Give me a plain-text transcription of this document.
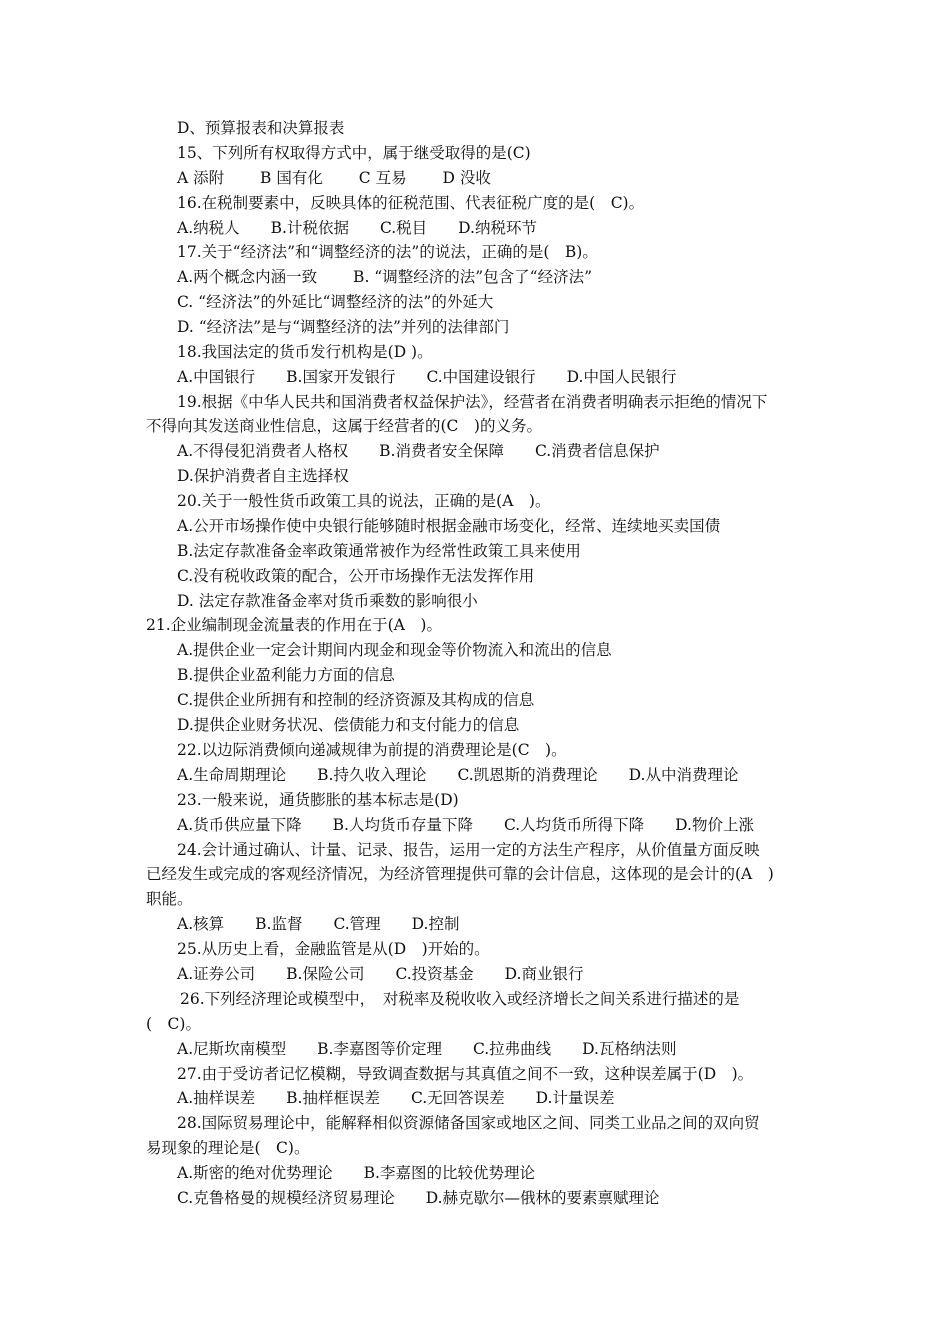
D、预算报表和决算报表
15、下列所有权取得方式中，属于继受取得的是(C)
A 添附　　 B 国有化　　 C 互易　　 D 没收
16.在税制要素中，反映具体的征税范围、代表征税广度的是(　C)。
A.纳税人　　B.计税依据　　C.税目　　D.纳税环节
17.关于“经济法”和“调整经济的法”的说法，正确的是(　B)。
A.两个概念内涵一致　　 B. “调整经济的法”包含了“经济法”
C. “经济法”的外延比“调整经济的法”的外延大
D. “经济法”是与“调整经济的法”并列的法律部门
18.我国法定的货币发行机构是(D )。
A.中国银行　　B.国家开发银行　　C.中国建设银行　　D.中国人民银行
19.根据《中华人民共和国消费者权益保护法》，经营者在消费者明确表示拒绝的情况下
不得向其发送商业性信息，这属于经营者的(C　)的义务。
A.不得侵犯消费者人格权　　B.消费者安全保障　　C.消费者信息保护
D.保护消费者自主选择权
20.关于一般性货币政策工具的说法，正确的是(A　)。
A.公开市场操作使中央银行能够随时根据金融市场变化，经常、连续地买卖国债
B.法定存款准备金率政策通常被作为经常性政策工具来使用
C.没有税收政策的配合，公开市场操作无法发挥作用
D. 法定存款准备金率对货币乘数的影响很小
21.企业编制现金流量表的作用在于(A　)。
A.提供企业一定会计期间内现金和现金等价物流入和流出的信息
B.提供企业盈利能力方面的信息
C.提供企业所拥有和控制的经济资源及其构成的信息
D.提供企业财务状况、偿债能力和支付能力的信息
22.以边际消费倾向递减规律为前提的消费理论是(C　)。
A.生命周期理论　　B.持久收入理论　　C.凯恩斯的消费理论　　D.从中消费理论
23.一般来说，通货膨胀的基本标志是(D)
A.货币供应量下降　　B.人均货币存量下降　　C.人均货币所得下降　　D.物价上涨
24.会计通过确认、计量、记录、报告，运用一定的方法生产程序，从价值量方面反映
已经发生或完成的客观经济情况，为经济管理提供可靠的会计信息，这体现的是会计的(A　)
职能。
A.核算　　B.监督　　C.管理　　D.控制
25.从历史上看，金融监管是从(D　)开始的。
A.证券公司　　B.保险公司　　C.投资基金　　D.商业银行
26.下列经济理论或模型中，　对税率及税收收入或经济增长之间关系进行描述的是
(　C)。
A.尼斯坎南模型　　B.李嘉图等价定理　　C.拉弗曲线　　D.瓦格纳法则
27.由于受访者记忆模糊，导致调查数据与其真值之间不一致，这种误差属于(D　)。
A.抽样误差　　B.抽样框误差　　C.无回答误差　　D.计量误差
28.国际贸易理论中，能解释相似资源储备国家或地区之间、同类工业品之间的双向贸
易现象的理论是(　C)。
A.斯密的绝对优势理论　　B.李嘉图的比较优势理论
C.克鲁格曼的规模经济贸易理论　　D.赫克歇尔—俄林的要素禀赋理论
